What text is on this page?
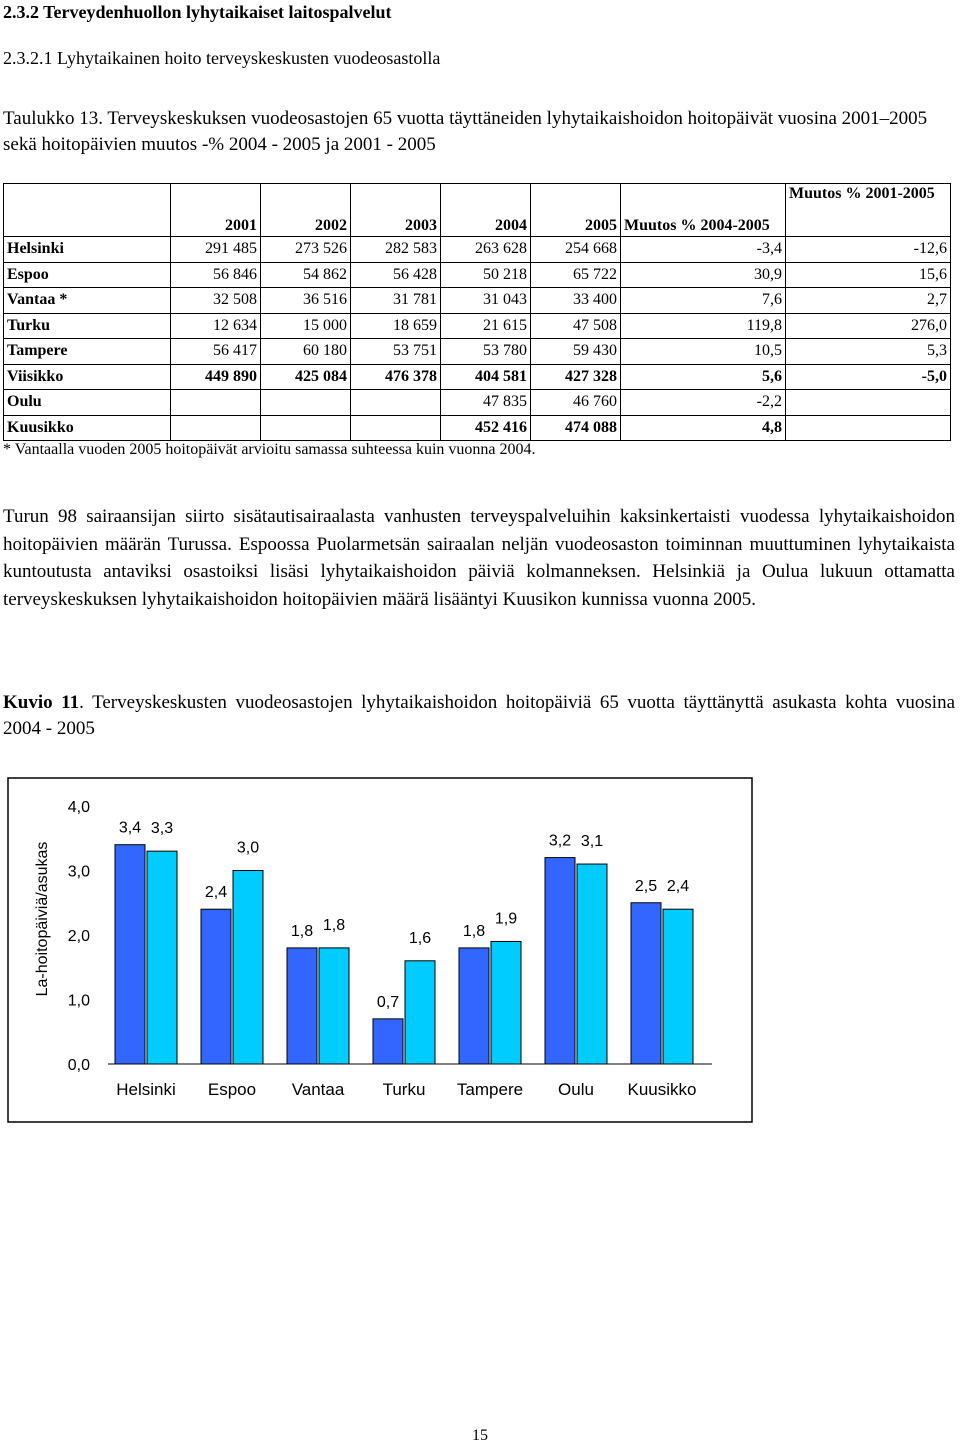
2.3.2 Terveydenhuollon lyhytaikaiset laitospalvelut
2.3.2.1 Lyhytaikainen hoito terveyskeskusten vuodeosastolla
Taulukko 13. Terveyskeskuksen vuodeosastojen 65 vuotta täyttäneiden lyhytaikaishoidon hoitopäivät vuosina 2001–2005 sekä hoitopäivien muutos -% 2004 - 2005 ja 2001 - 2005
	2001	2002	2003	2004	2005	Muutos % 2004-2005	Muutos % 2001-2005
Helsinki	291 485	273 526	282 583	263 628	254 668	-3,4	-12,6
Espoo	56 846	54 862	56 428	50 218	65 722	30,9	15,6
Vantaa *	32 508	36 516	31 781	31 043	33 400	7,6	2,7
Turku	12 634	15 000	18 659	21 615	47 508	119,8	276,0
Tampere	56 417	60 180	53 751	53 780	59 430	10,5	5,3
Viisikko	449 890	425 084	476 378	404 581	427 328	5,6	-5,0
Oulu				47 835	46 760	-2,2	
Kuusikko				452 416	474 088	4,8	
* Vantaalla vuoden 2005 hoitopäivät arvioitu samassa suhteessa kuin vuonna 2004.
Turun 98 sairaansijan siirto sisätautisairaalasta vanhusten terveyspalveluihin kaksinkertaisti vuodessa lyhytaikaishoidon hoitopäivien määrän Turussa. Espoossa Puolarmetsän sairaalan neljän vuodeosaston toiminnan muuttuminen lyhytaikaista kuntoutusta antaviksi osastoiksi lisäsi lyhytaikaishoidon päiviä kolmanneksen. Helsinkiä ja Oulua lukuun ottamatta terveyskeskuksen lyhytaikaishoidon hoitopäivien määrä lisääntyi Kuusikon kunnissa vuonna 2005.
Kuvio 11. Terveyskeskusten vuodeosastojen lyhytaikaishoidon hoitopäiviä 65 vuotta täyttänyttä asukasta kohta vuosina 2004 - 2005
La-hoitopäiviä/asukas
0,0
1,0
2,0
3,0
4,0
3,4 3,3
2,4
3,0
1,8 1,8
0,7
1,6 1,8
1,9
3,2 3,1
2,5 2,4
Helsinki Espoo Vantaa Turku Tampere Oulu Kuusikko
15
